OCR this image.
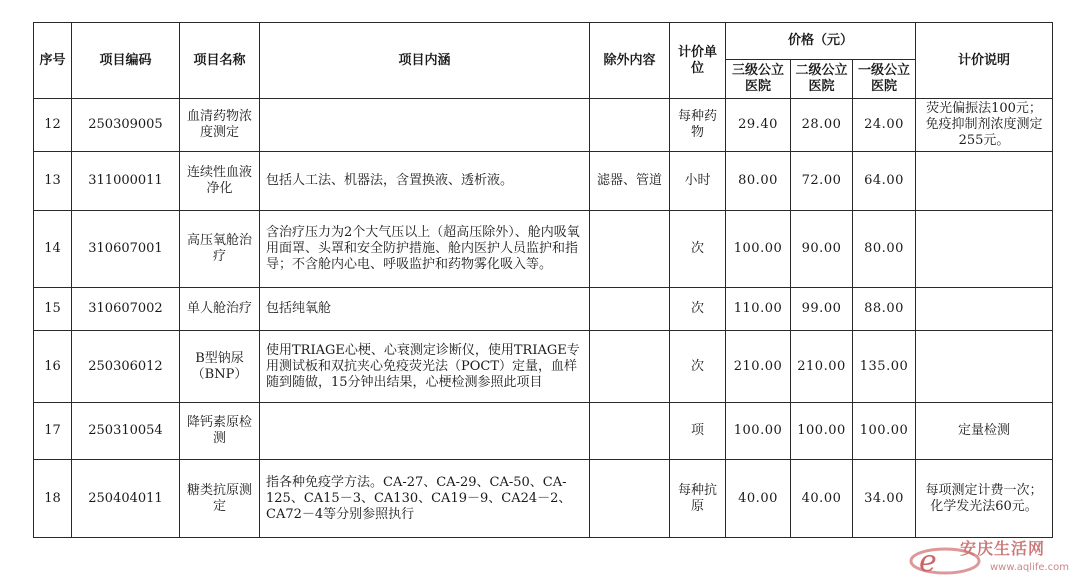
序号	项目编码	项目名称	项目内涵	除外内容	计价单位	价格（元）			计价说明
						三级公立医院	二级公立医院	一级公立医院	
12	250309005	血清药物浓度测定			每种药物	29.40	28.00	24.00	荧光偏振法100元；免疫抑制剂浓度测定255元。
13	311000011	连续性血液净化	包括人工法、机器法，含置换液、透析液。	滤器、管道	小时	80.00	72.00	64.00	
14	310607001	高压氧舱治疗	含治疗压力为2个大气压以上（超高压除外）、舱内吸氧用面罩、头罩和安全防护措施、舱内医护人员监护和指导；不含舱内心电、呼吸监护和药物雾化吸入等。		次	100.00	90.00	80.00	
15	310607002	单人舱治疗	包括纯氧舱		次	110.00	99.00	88.00	
16	250306012	B型钠尿（BNP）	使用TRIAGE心梗、心衰测定诊断仪，使用TRIAGE专用测试板和双抗夹心免疫荧光法（POCT）定量，血样随到随做，15分钟出结果，心梗检测参照此项目		次	210.00	210.00	135.00	
17	250310054	降钙素原检测			项	100.00	100.00	100.00	定量检测
18	250404011	糖类抗原测定	指各种免疫学方法。CA-27、CA-29、CA-50、CA-125、CA15－3、CA130、CA19－9、CA24－2、CA72－4等分别参照执行		每种抗原	40.00	40.00	34.00	每项测定计费一次；化学发光法60元。
e 安庆生活网
www.aqlife.com
